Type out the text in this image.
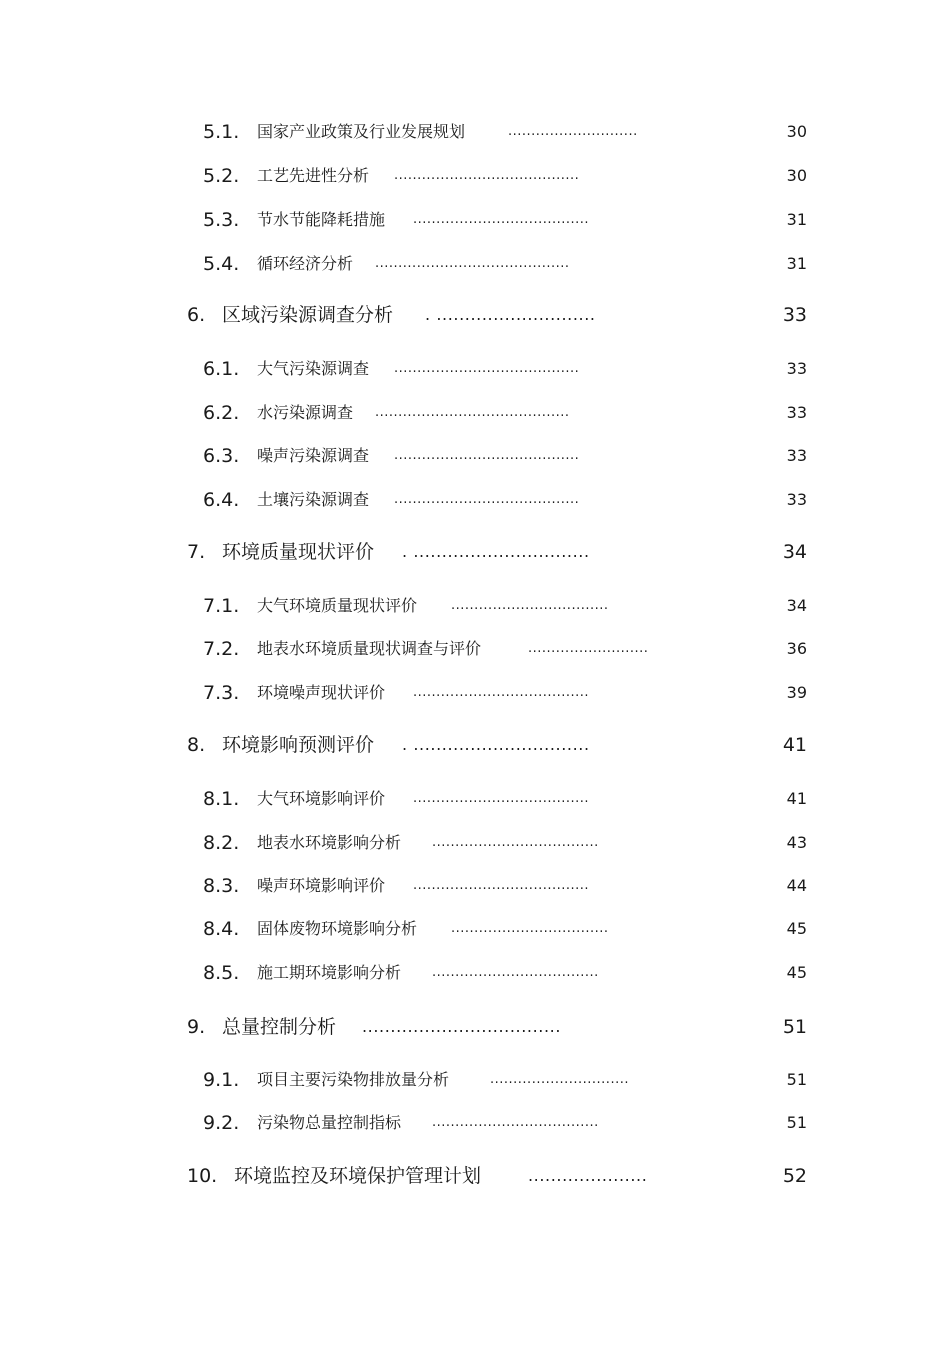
5.1. 国家产业政策及行业发展规划	............................	30
5.2. 工艺先进性分析 ........................................	30
5.3. 节水节能降耗措施 ......................................	31
5.4. 循环经济分析 ..........................................	31
6. 区域污染源调查分析 . ............................	33
6.1. 大气污染源调查 ........................................	33
6.2. 水污染源调查 ..........................................	33
6.3. 噪声污染源调查 ........................................	33
6.4. 土壤污染源调查 ........................................	33
7. 环境质量现状评价 . ...............................	34
7.1. 大气环境质量现状评价	..................................	34
7.2. 地表水环境质量现状调查与评价	..........................	36
7.3. 环境噪声现状评价 ......................................	39
8. 环境影响预测评价 . ...............................	41
8.1. 大气环境影响评价 ......................................	41
8.2. 地表水环境影响分析 ....................................	43
8.3. 噪声环境影响评价 ......................................	44
8.4. 固体废物环境影响分析	..................................	45
8.5. 施工期环境影响分析 ....................................	45
9. 总量控制分析 ...................................	51
9.1. 项目主要污染物排放量分析	..............................	51
9.2. 污染物总量控制指标 ....................................	51
10. 环境监控及环境保护管理计划	.....................	52
